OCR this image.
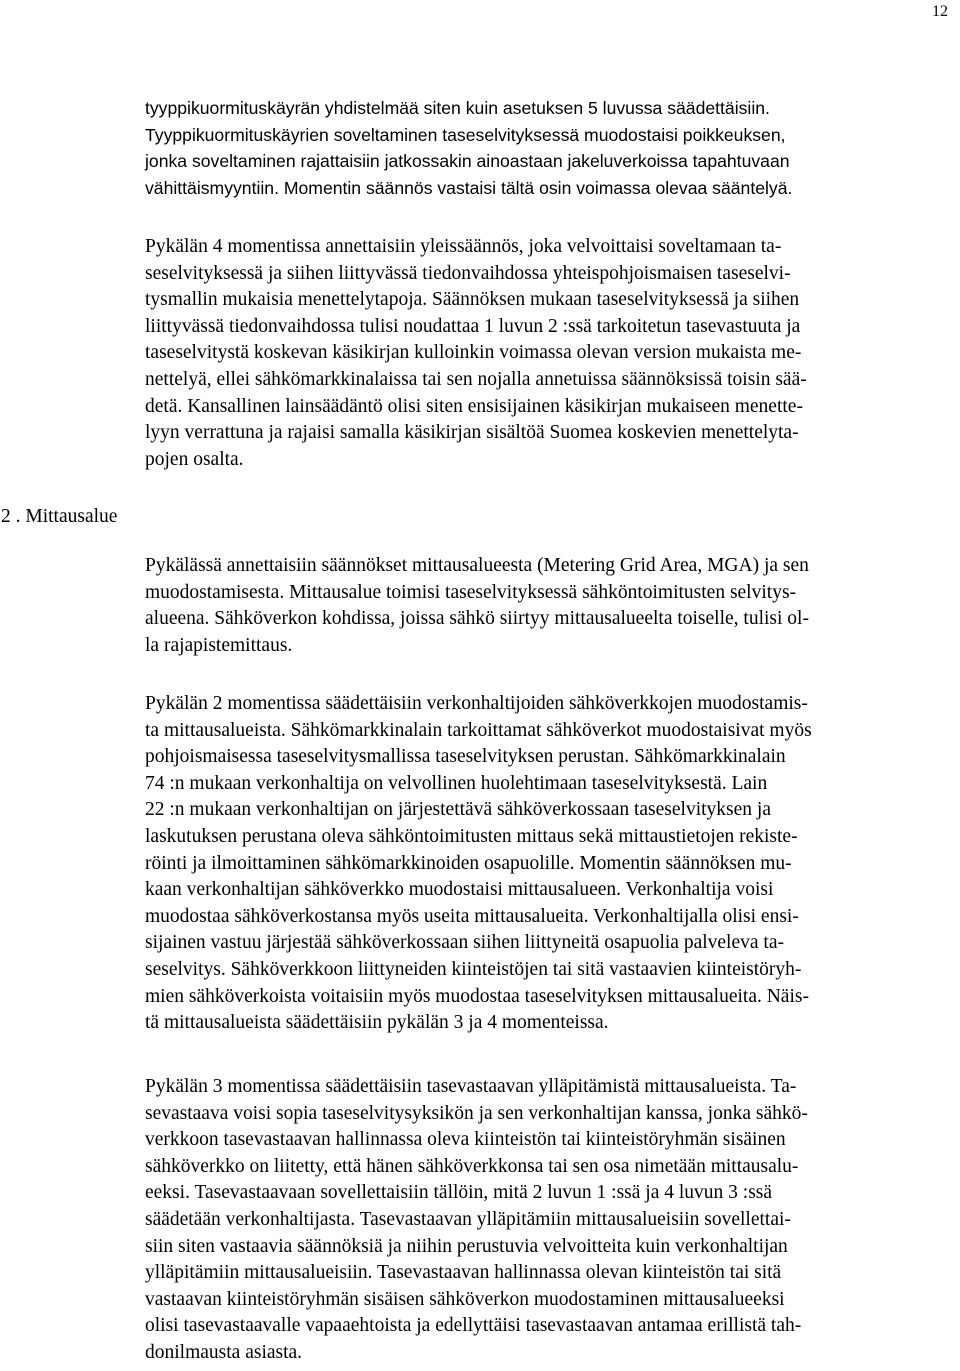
12
2 . Mittausalue
tyyppikuormituskäyrän yhdistelmää siten kuin asetuksen 5 luvussa säädettäisiin.
Tyyppikuormituskäyrien soveltaminen taseselvityksessä muodostaisi poikkeuksen,
jonka soveltaminen rajattaisiin jatkossakin ainoastaan jakeluverkoissa tapahtuvaan
vähittäismyyntiin. Momentin säännös vastaisi tältä osin voimassa olevaa sääntelyä.
Pykälän 4 momentissa annettaisiin yleissäännös, joka velvoittaisi soveltamaan ta-
seselvityksessä ja siihen liittyvässä tiedonvaihdossa yhteispohjoismaisen taseselvi-
tysmallin mukaisia menettelytapoja. Säännöksen mukaan taseselvityksessä ja siihen
liittyvässä tiedonvaihdossa tulisi noudattaa 1 luvun 2 :ssä tarkoitetun tasevastuuta ja
taseselvitystä koskevan käsikirjan kulloinkin voimassa olevan version mukaista me-
nettelyä, ellei sähkömarkkinalaissa tai sen nojalla annetuissa säännöksissä toisin sää-
detä. Kansallinen lainsäädäntö olisi siten ensisijainen käsikirjan mukaiseen menette-
lyyn verrattuna ja rajaisi samalla käsikirjan sisältöä Suomea koskevien menettelyta-
pojen osalta.
Pykälässä annettaisiin säännökset mittausalueesta (Metering Grid Area, MGA) ja sen
muodostamisesta. Mittausalue toimisi taseselvityksessä sähköntoimitusten selvitys-
alueena. Sähköverkon kohdissa, joissa sähkö siirtyy mittausalueelta toiselle, tulisi ol-
la rajapistemittaus.
Pykälän 2 momentissa säädettäisiin verkonhaltijoiden sähköverkkojen muodostamis-
ta mittausalueista. Sähkömarkkinalain tarkoittamat sähköverkot muodostaisivat myös
pohjoismaisessa taseselvitysmallissa taseselvityksen perustan. Sähkömarkkinalain
74 :n mukaan verkonhaltija on velvollinen huolehtimaan taseselvityksestä. Lain
22 :n mukaan verkonhaltijan on järjestettävä sähköverkossaan taseselvityksen ja
laskutuksen perustana oleva sähköntoimitusten mittaus sekä mittaustietojen rekiste-
röinti ja ilmoittaminen sähkömarkkinoiden osapuolille. Momentin säännöksen mu-
kaan verkonhaltijan sähköverkko muodostaisi mittausalueen. Verkonhaltija voisi
muodostaa sähköverkostansa myös useita mittausalueita. Verkonhaltijalla olisi ensi-
sijainen vastuu järjestää sähköverkossaan siihen liittyneitä osapuolia palveleva ta-
seselvitys. Sähköverkkoon liittyneiden kiinteistöjen tai sitä vastaavien kiinteistöryh-
mien sähköverkoista voitaisiin myös muodostaa taseselvityksen mittausalueita. Näis-
tä mittausalueista säädettäisiin pykälän 3 ja 4 momenteissa.
Pykälän 3 momentissa säädettäisiin tasevastaavan ylläpitämistä mittausalueista. Ta-
sevastaava voisi sopia taseselvitysyksikön ja sen verkonhaltijan kanssa, jonka sähkö-
verkkoon tasevastaavan hallinnassa oleva kiinteistön tai kiinteistöryhmän sisäinen
sähköverkko on liitetty, että hänen sähköverkkonsa tai sen osa nimetään mittausalu-
eeksi. Tasevastaavaan sovellettaisiin tällöin, mitä 2 luvun 1 :ssä ja 4 luvun 3 :ssä
säädetään verkonhaltijasta. Tasevastaavan ylläpitämiin mittausalueisiin sovellettai-
siin siten vastaavia säännöksiä ja niihin perustuvia velvoitteita kuin verkonhaltijan
ylläpitämiin mittausalueisiin. Tasevastaavan hallinnassa olevan kiinteistön tai sitä
vastaavan kiinteistöryhmän sisäisen sähköverkon muodostaminen mittausalueeksi
olisi tasevastaavalle vapaaehtoista ja edellyttäisi tasevastaavan antamaa erillistä tah-
donilmausta asiasta.
